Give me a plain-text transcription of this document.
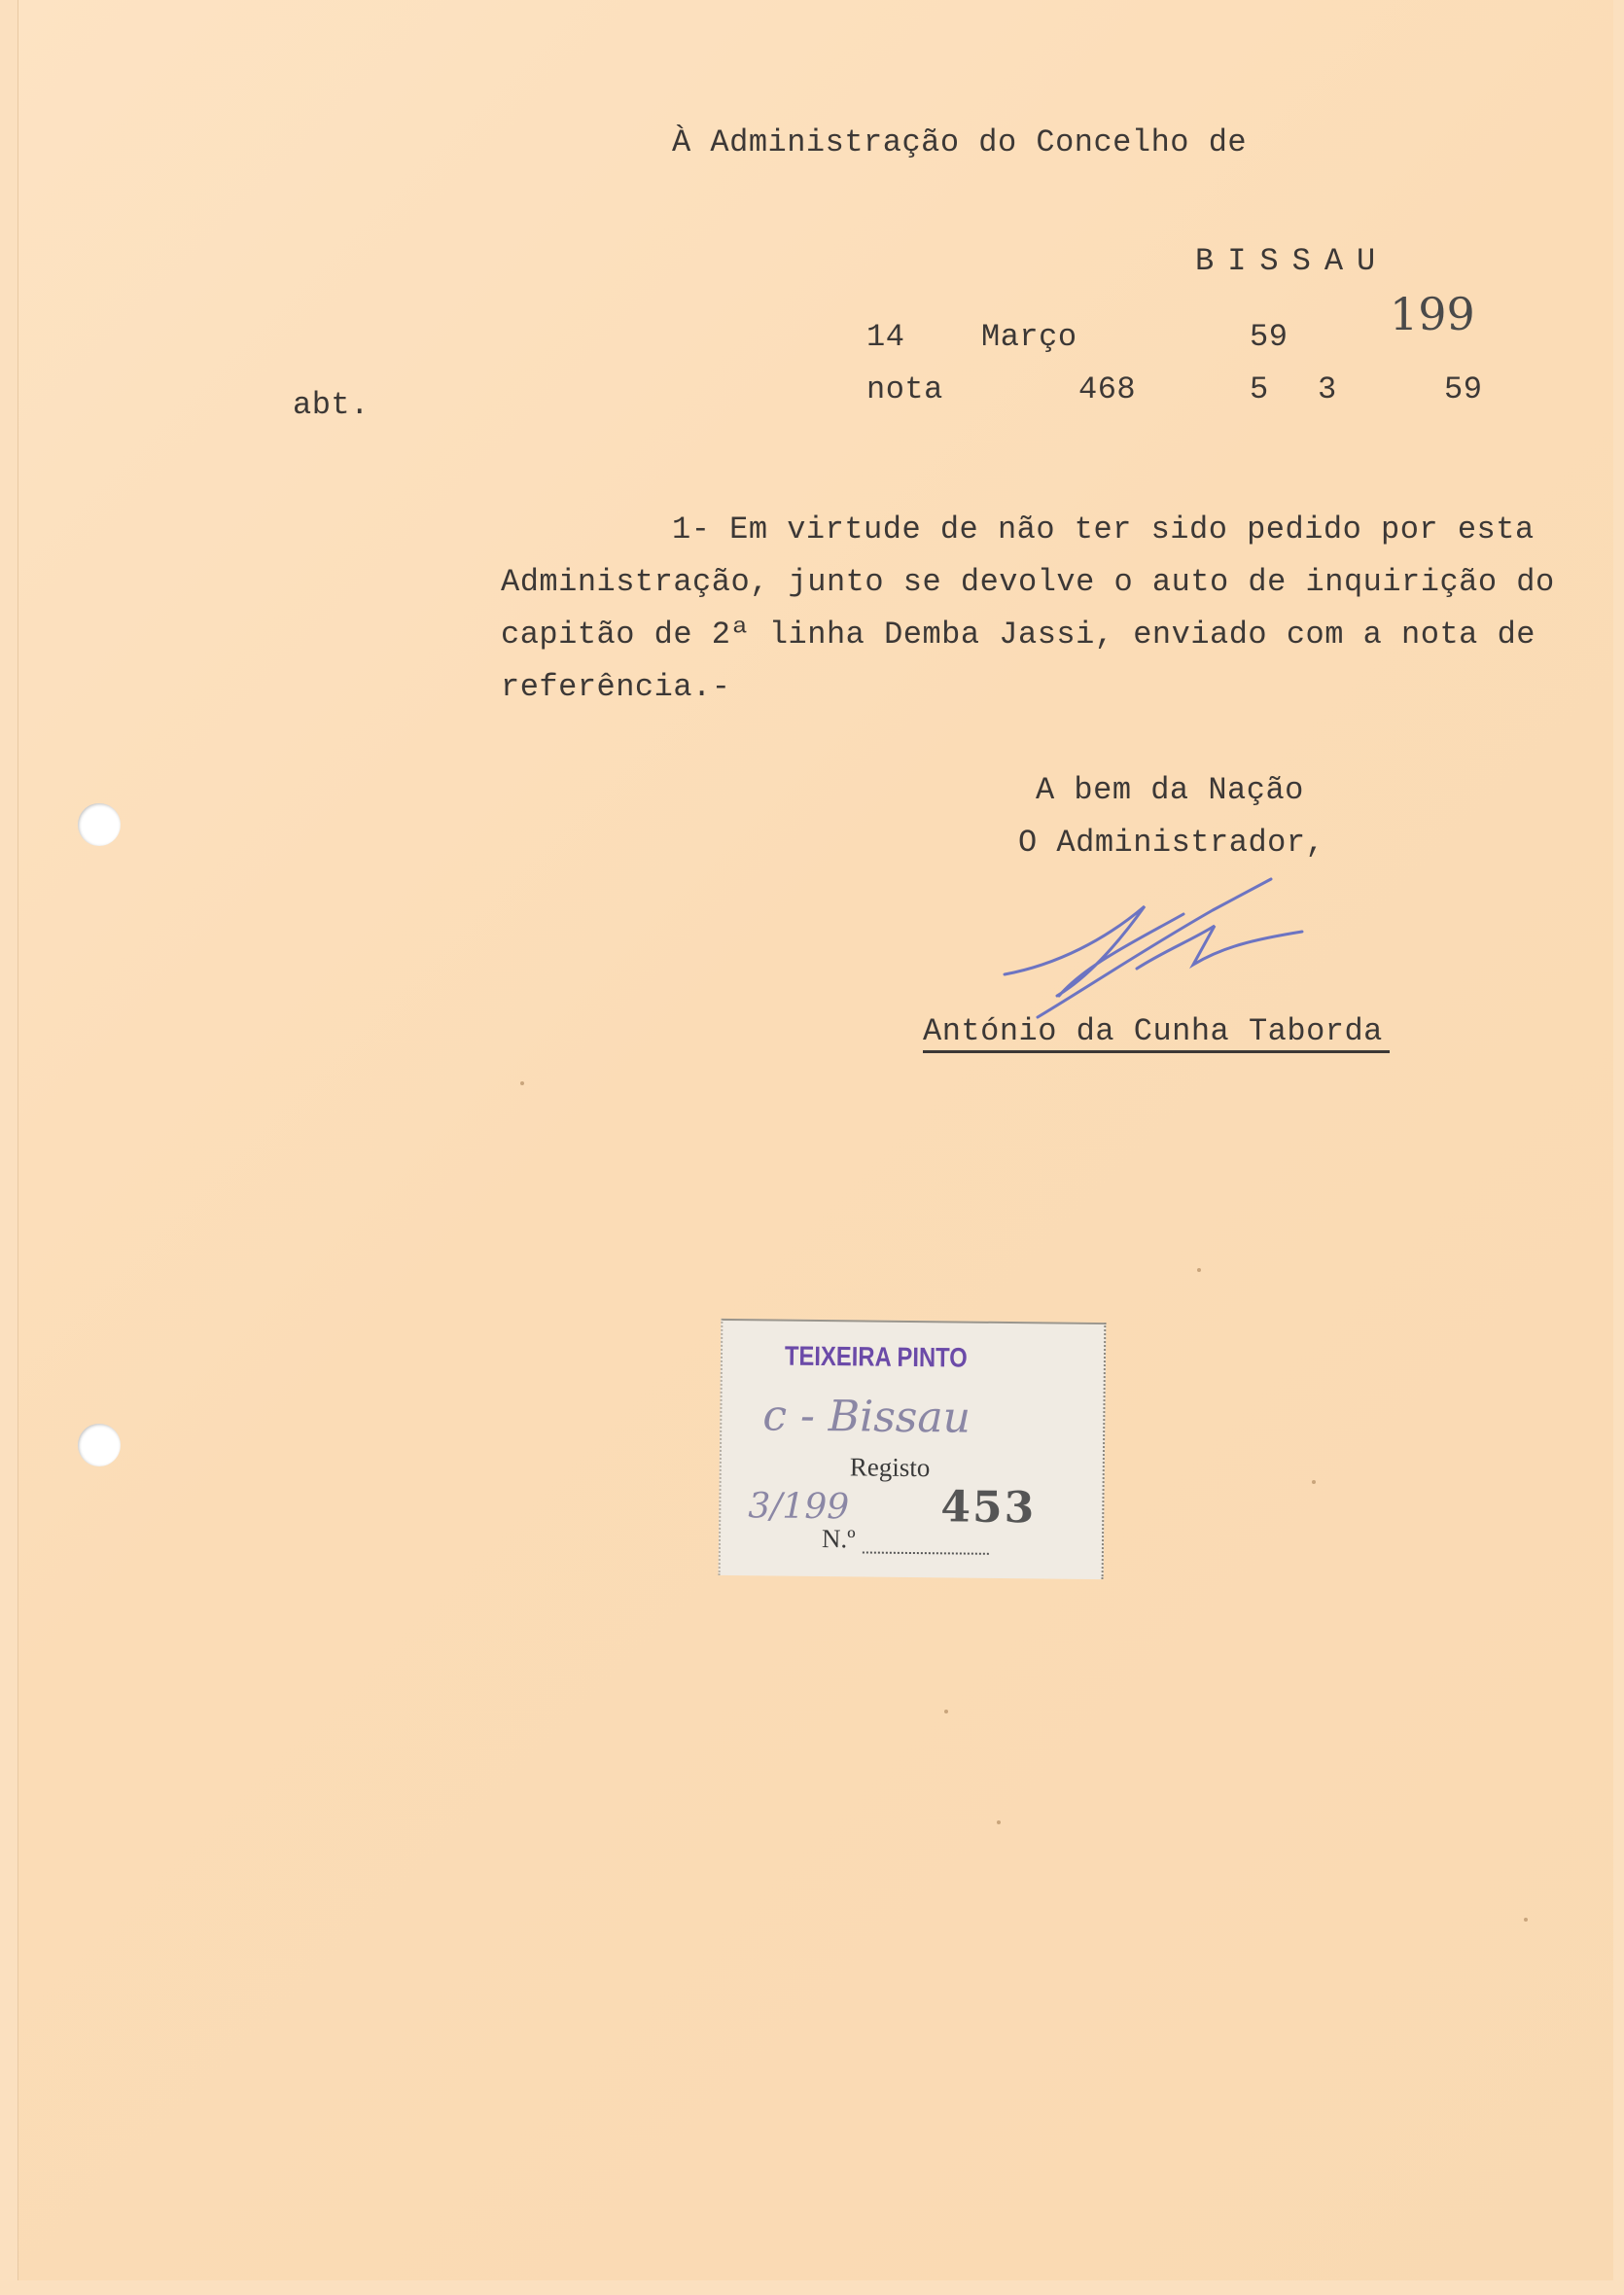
À Administração do Concelho de
BISSAU
199
14 Março	59
abt.	nota	468	5 3	59
1- Em virtude de não ter sido pedido por esta
Administração, junto se devolve o auto de inquirição do
capitão de 2ª linha Demba Jassi, enviado com a nota de
referência.-
A bem da Nação
O Administrador,
António da Cunha Taborda
TEIXEIRA PINTO
c - Bissau
Registo
3/199 453
N.º
